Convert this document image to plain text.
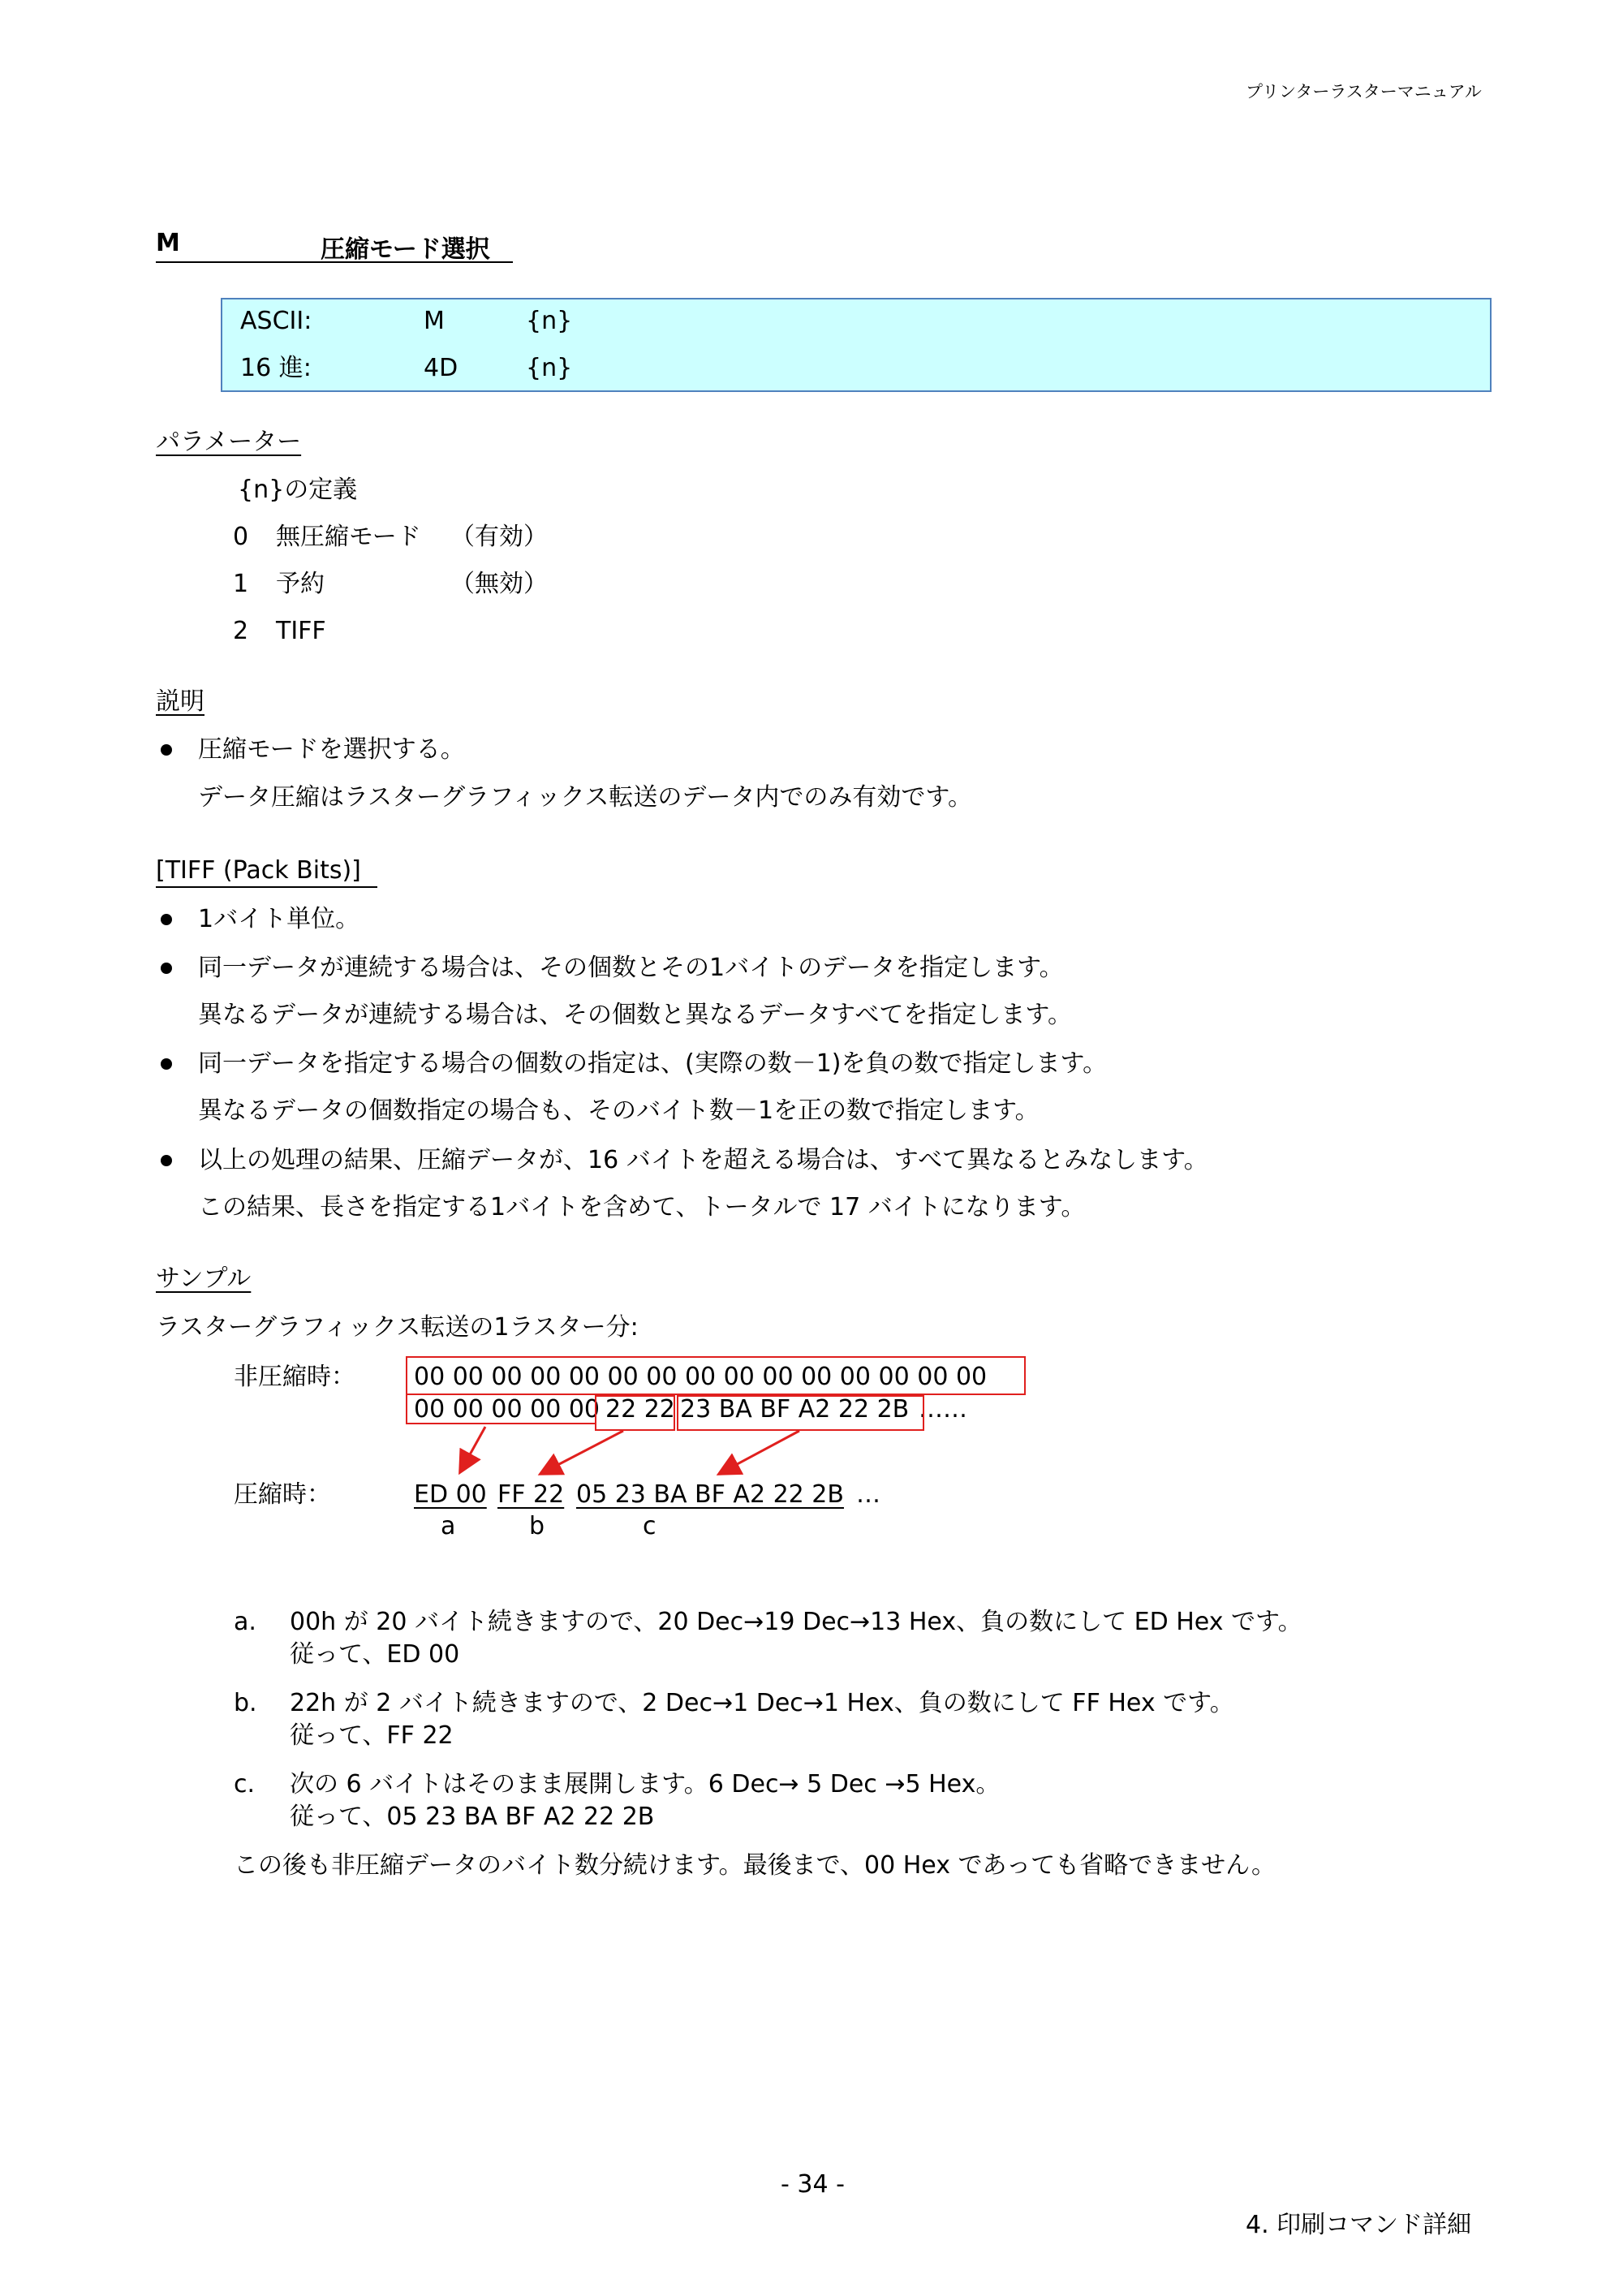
プリンターラスターマニュアル
M	圧縮モード選択
ASCII:	M	{n}
16 進:	4D	{n}
パラメーター
{n}の定義
0 無圧縮モード （有効）
1 予約	（無効）
2 TIFF
説明
圧縮モードを選択する。
データ圧縮はラスターグラフィックス転送のデータ内でのみ有効です。
[TIFF (Pack Bits)]
1バイト単位。
同一データが連続する場合は、その個数とその1バイトのデータを指定します。
異なるデータが連続する場合は、その個数と異なるデータすべてを指定します。
同一データを指定する場合の個数の指定は、(実際の数－1)を負の数で指定します。
異なるデータの個数指定の場合も、そのバイト数－1を正の数で指定します。
以上の処理の結果、圧縮データが、16 バイトを超える場合は、すべて異なるとみなします。
この結果、長さを指定する1バイトを含めて、トータルで 17 バイトになります。
サンプル
ラスターグラフィックス転送の1ラスター分:
非圧縮時： 00 00 00 00 00 00 00 00 00 00 00 00 00 00 00
00 00 00 00 00 22 22 23 BA BF A2 22 2B ……
圧縮時：	ED 00 FF 22 05 23 BA BF A2 22 2B …
a	b	c
a. 00h が 20 バイト続きますので、20 Dec→19 Dec→13 Hex、負の数にして ED Hex です。
従って、ED 00
b. 22h が 2 バイト続きますので、2 Dec→1 Dec→1 Hex、負の数にして FF Hex です。
従って、FF 22
c. 次の 6 バイトはそのまま展開します。6 Dec→ 5 Dec →5 Hex。
従って、05 23 BA BF A2 22 2B
この後も非圧縮データのバイト数分続けます。最後まで、00 Hex であっても省略できません。
- 34 -
4. 印刷コマンド詳細
